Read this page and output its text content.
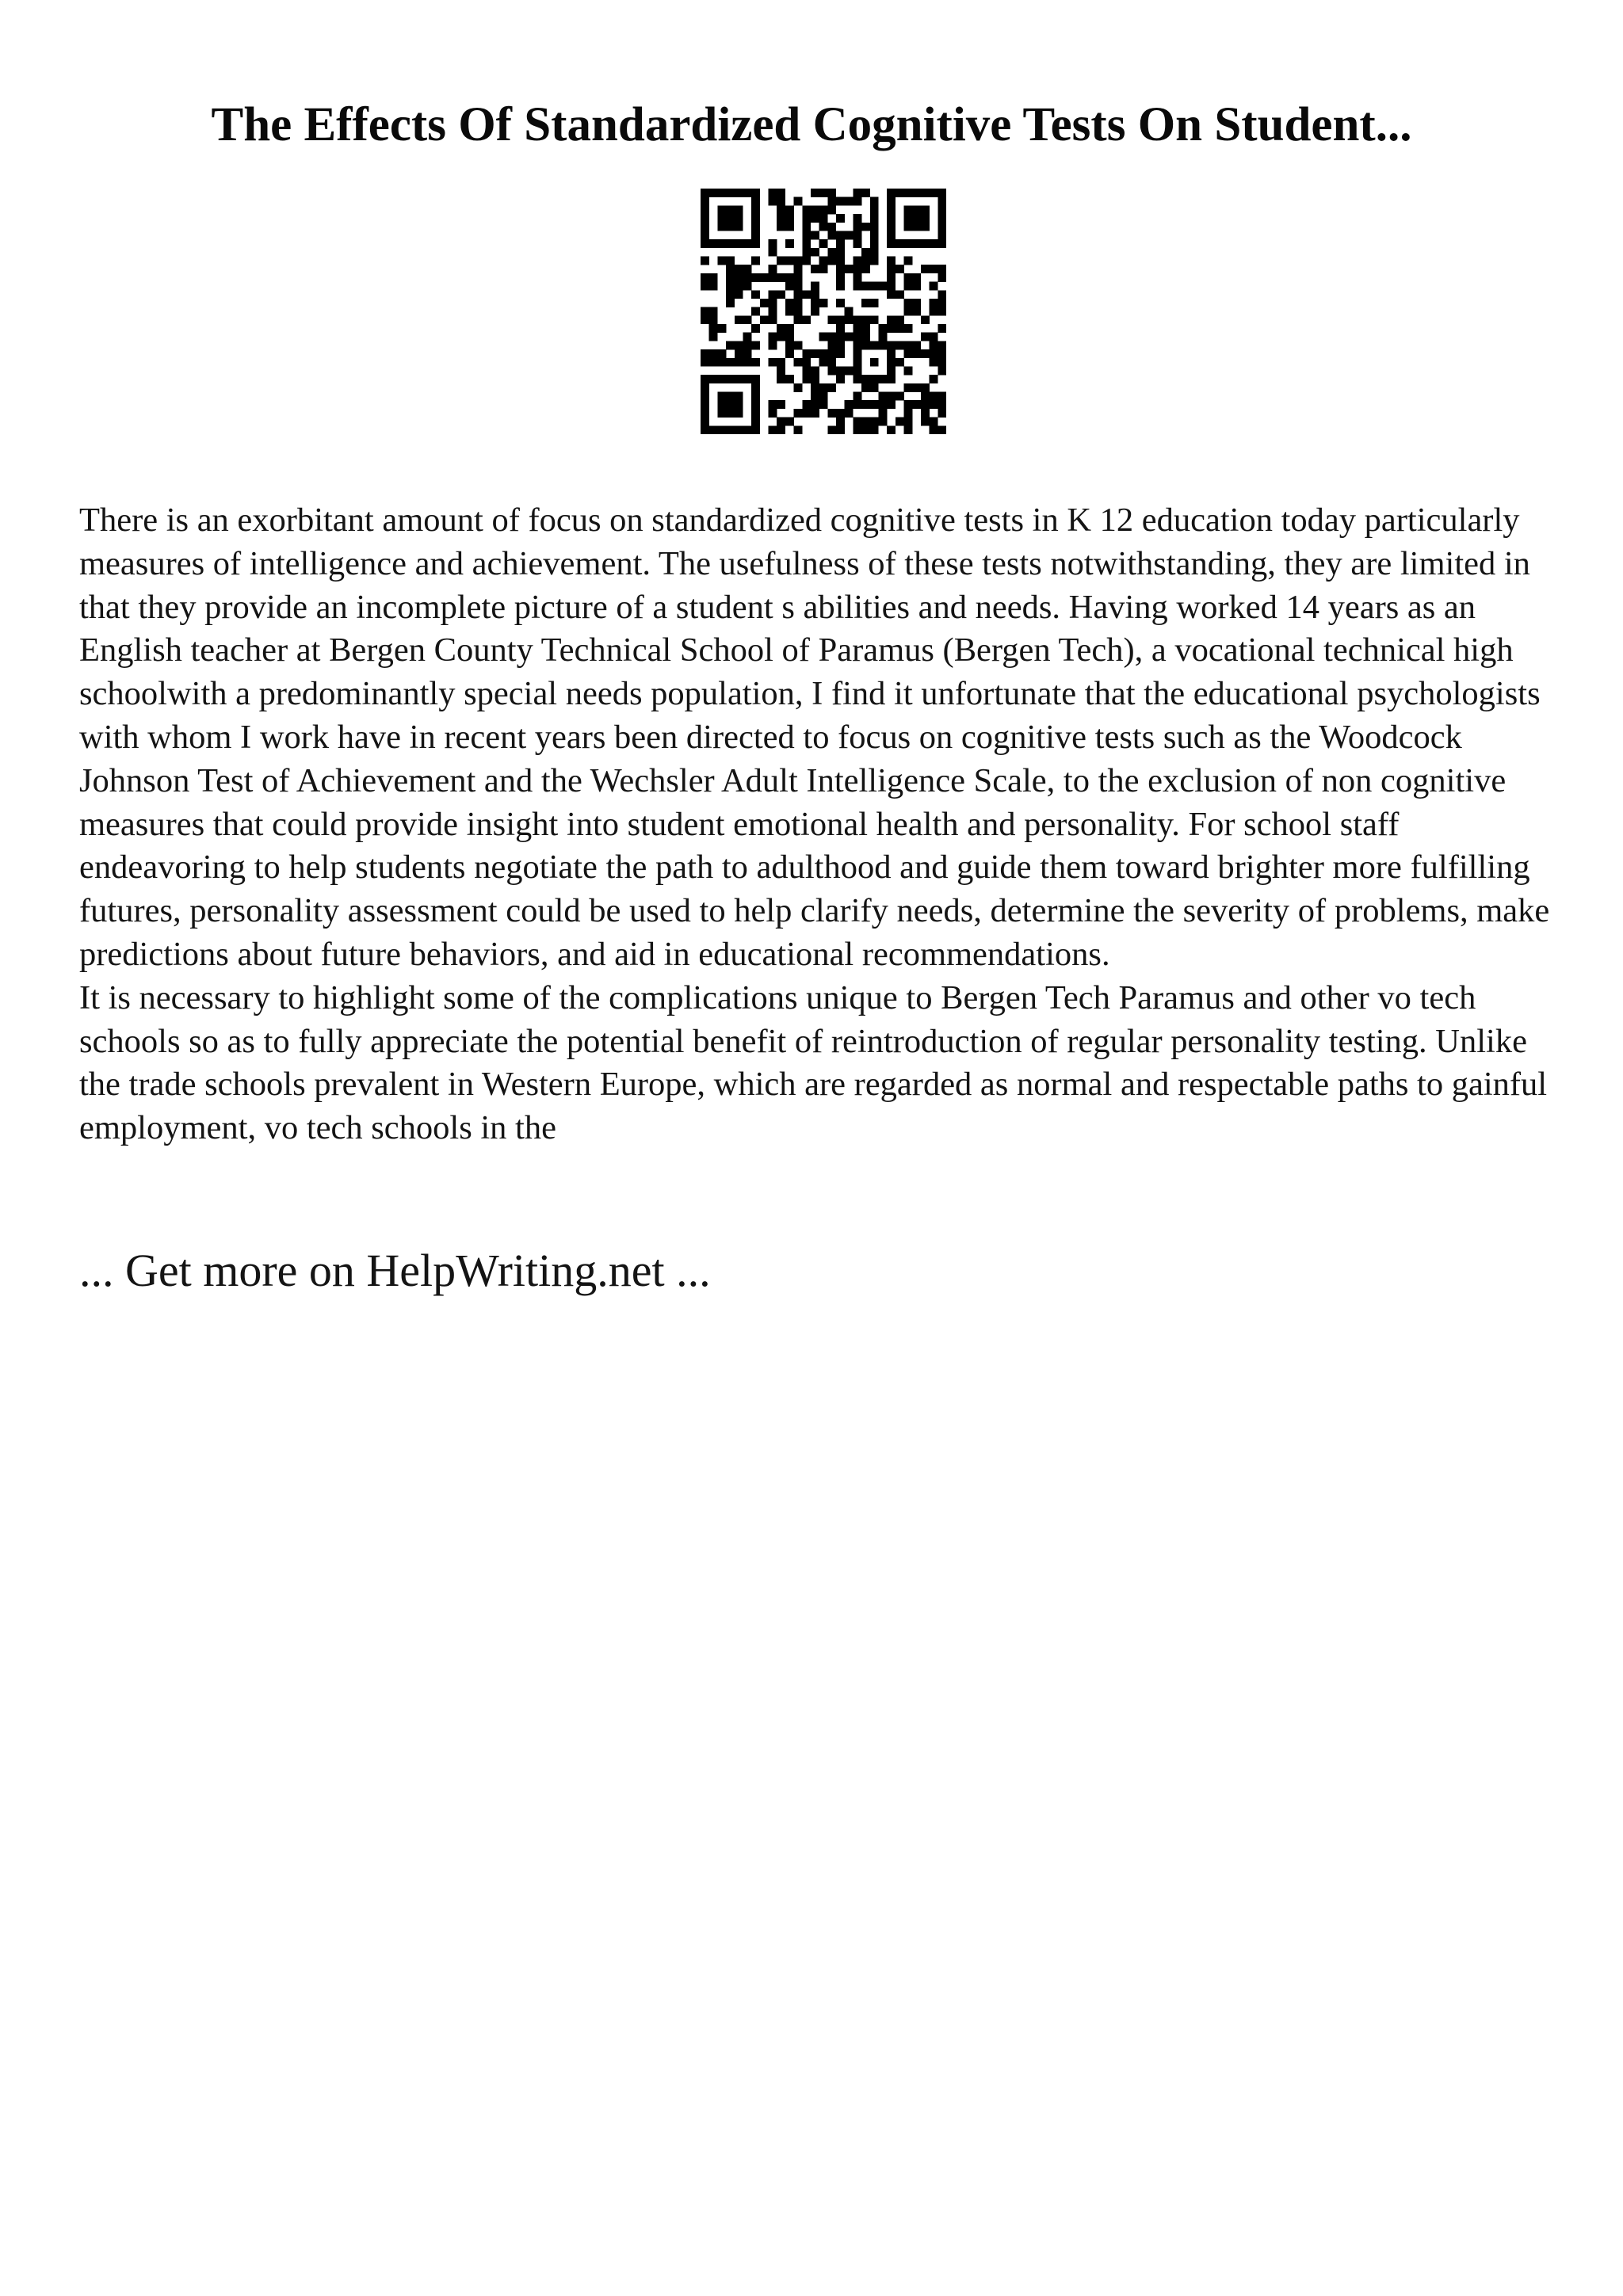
The Effects Of Standardized Cognitive Tests On Student...

There is an exorbitant amount of focus on standardized cognitive tests in K 12 education today particularly measures of intelligence and achievement. The usefulness of these tests notwithstanding, they are limited in that they provide an incomplete picture of a student s abilities and needs. Having worked 14 years as an English teacher at Bergen County Technical School of Paramus (Bergen Tech), a vocational technical high schoolwith a predominantly special needs population, I find it unfortunate that the educational psychologists with whom I work have in recent years been directed to focus on cognitive tests such as the Woodcock Johnson Test of Achievement and the Wechsler Adult Intelligence Scale, to the exclusion of non cognitive measures that could provide insight into student emotional health and personality. For school staff endeavoring to help students negotiate the path to adulthood and guide them toward brighter more fulfilling futures, personality assessment could be used to help clarify needs, determine the severity of problems, make predictions about future behaviors, and aid in educational recommendations.

It is necessary to highlight some of the complications unique to Bergen Tech Paramus and other vo tech schools so as to fully appreciate the potential benefit of reintroduction of regular personality testing. Unlike the trade schools prevalent in Western Europe, which are regarded as normal and respectable paths to gainful employment, vo tech schools in the

... Get more on HelpWriting.net ...
